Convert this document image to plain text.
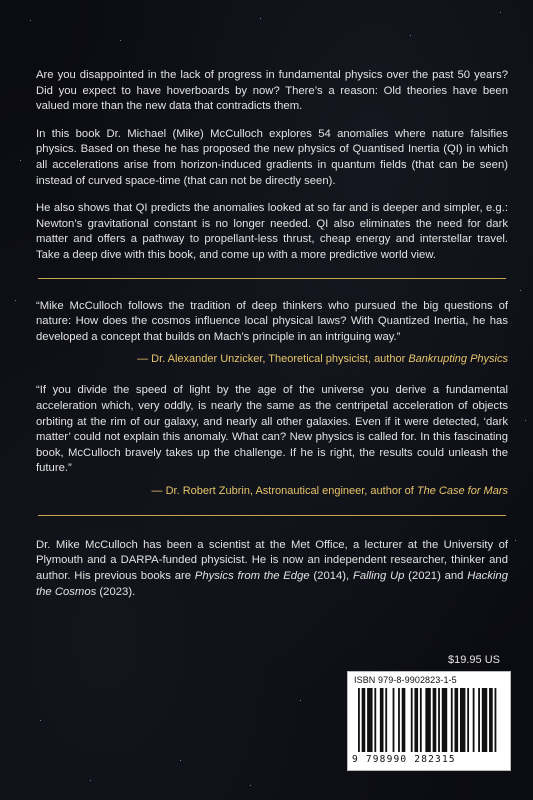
Are you disappointed in the lack of progress in fundamental physics over the past 50 years? Did you expect to have hoverboards by now? There’s a reason: Old theories have been valued more than the new data that contradicts them.

In this book Dr. Michael (Mike) McCulloch explores 54 anomalies where nature falsifies physics. Based on these he has proposed the new physics of Quantised Inertia (QI) in which all accelerations arise from horizon-induced gradients in quantum fields (that can be seen) instead of curved space-time (that can not be directly seen).

He also shows that QI predicts the anomalies looked at so far and is deeper and simpler, e.g.: Newton’s gravitational constant is no longer needed. QI also eliminates the need for dark matter and offers a pathway to propellant-less thrust, cheap energy and interstellar travel. Take a deep dive with this book, and come up with a more predictive world view.

“Mike McCulloch follows the tradition of deep thinkers who pursued the big questions of nature: How does the cosmos influence local physical laws? With Quantized Inertia, he has developed a concept that builds on Mach’s principle in an intriguing way.”

— Dr. Alexander Unzicker, Theoretical physicist, author Bankrupting Physics

“If you divide the speed of light by the age of the universe you derive a fundamental acceleration which, very oddly, is nearly the same as the centripetal acceleration of objects orbiting at the rim of our galaxy, and nearly all other galaxies. Even if it were detected, ‘dark matter’ could not explain this anomaly. What can? New physics is called for. In this fascinating book, McCulloch bravely takes up the challenge. If he is right, the results could unleash the future.”

— Dr. Robert Zubrin, Astronautical engineer, author of The Case for Mars

Dr. Mike McCulloch has been a scientist at the Met Office, a lecturer at the University of Plymouth and a DARPA-funded physicist. He is now an independent researcher, thinker and author. His previous books are Physics from the Edge (2014), Falling Up (2021) and Hacking the Cosmos (2023).

$19.95 US
ISBN 979-8-9902823-1-5
9 798990 282315
